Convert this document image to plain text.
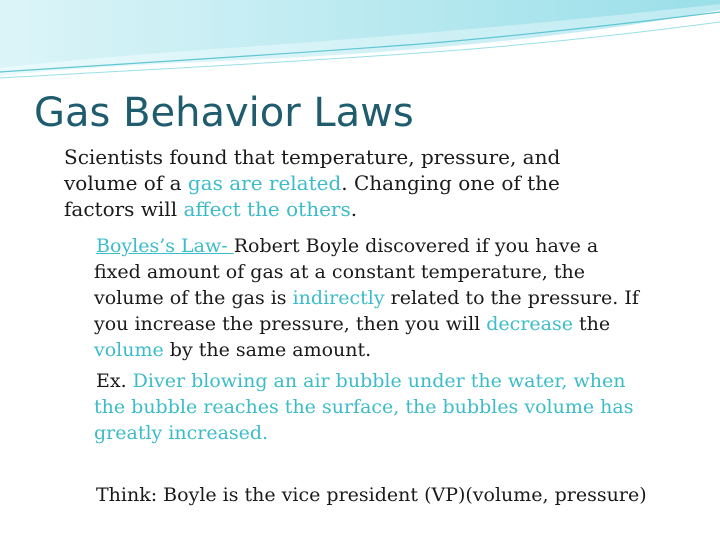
Gas Behavior Laws
Scientists found that temperature, pressure, and
volume of a gas are related. Changing one of the
factors will affect the others.
Boyles’s Law- Robert Boyle discovered if you have a
fixed amount of gas at a constant temperature, the
volume of the gas is indirectly related to the pressure. If
you increase the pressure, then you will decrease the
volume by the same amount.
Ex. Diver blowing an air bubble under the water, when
the bubble reaches the surface, the bubbles volume has
greatly increased.
Think: Boyle is the vice president (VP)(volume, pressure)
